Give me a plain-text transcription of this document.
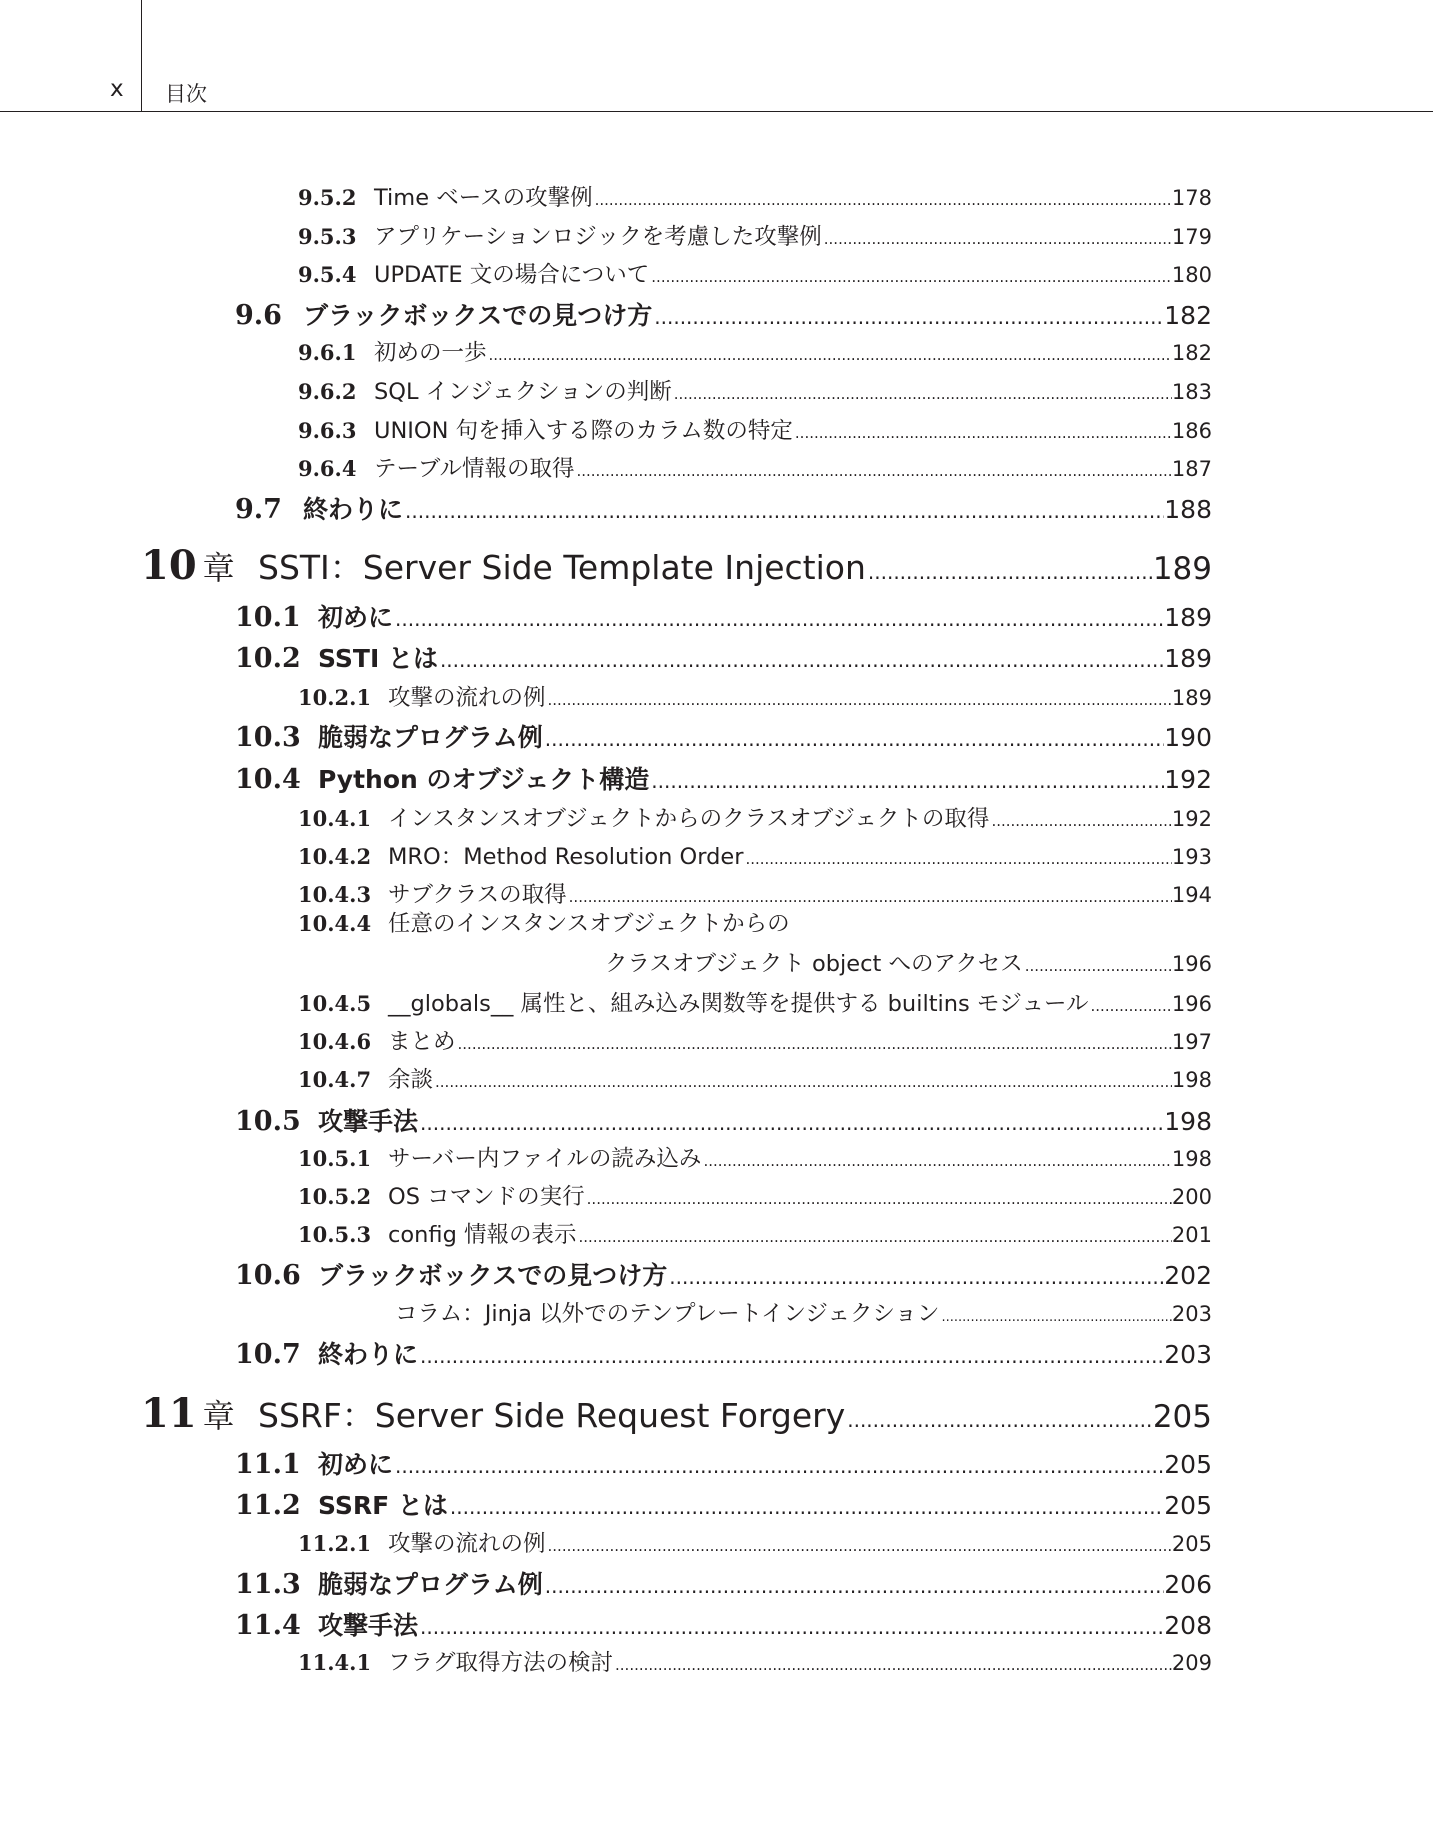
x 目次
9.5.2 Time ベースの攻撃例 .....	178
9.5.3 アプリケーションロジックを考慮した攻撃例 .....	179
9.5.4 UPDATE 文の場合について .....	180
9.6 ブラックボックスでの見つけ方 .....	182
9.6.1 初めの一歩 .....	182
9.6.2 SQL インジェクションの判断 .....	183
9.6.3 UNION 句を挿入する際のカラム数の特定 .....	186
9.6.4 テーブル情報の取得 .....	187
9.7 終わりに .....	188
10 章 SSTI：Server Side Template Injection .....	189
10.1 初めに .....	189
10.2 SSTI とは .....	189
10.2.1 攻撃の流れの例 .....	189
10.3 脆弱なプログラム例 .....	190
10.4 Python のオブジェクト構造 .....	192
10.4.1 インスタンスオブジェクトからのクラスオブジェクトの取得 .....	192
10.4.2 MRO：Method Resolution Order .....	193
10.4.3 サブクラスの取得 .....	194
10.4.4 任意のインスタンスオブジェクトからの
クラスオブジェクト object へのアクセス .....	196
10.4.5 __globals__ 属性と、組み込み関数等を提供する builtins モジュール .....	196
10.4.6 まとめ .....	197
10.4.7 余談 .....	198
10.5 攻撃手法 .....	198
10.5.1 サーバー内ファイルの読み込み .....	198
10.5.2 OS コマンドの実行 .....	200
10.5.3 config 情報の表示 .....	201
10.6 ブラックボックスでの見つけ方 .....	202
コラム：Jinja 以外でのテンプレートインジェクション .....	203
10.7 終わりに .....	203
11 章 SSRF：Server Side Request Forgery .....	205
11.1 初めに .....	205
11.2 SSRF とは .....	205
11.2.1 攻撃の流れの例 .....	205
11.3 脆弱なプログラム例 .....	206
11.4 攻撃手法 .....	208
11.4.1 フラグ取得方法の検討 .....	209
